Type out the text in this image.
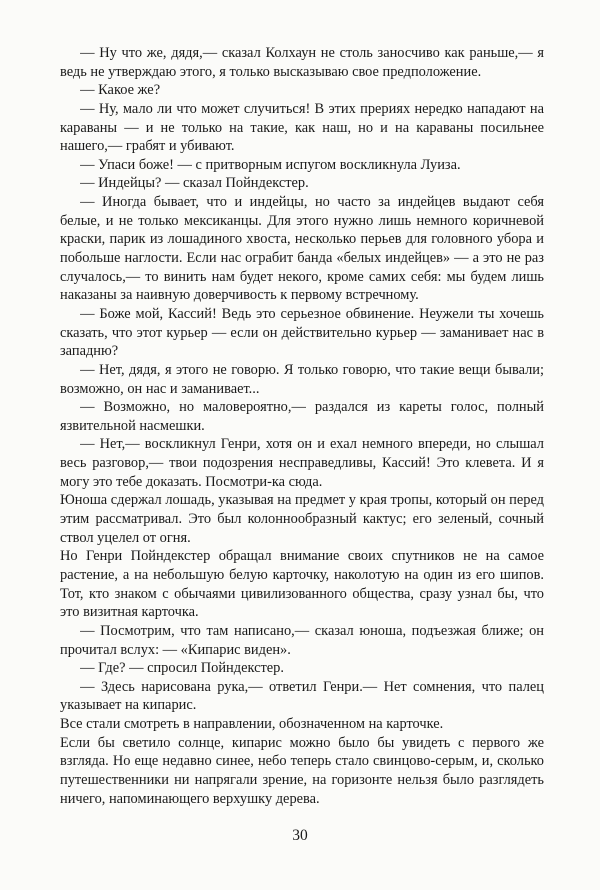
— Ну что же, дядя,— сказал Колхаун не столь заносчиво как раньше,— я ведь не утверждаю этого, я только высказываю свое предположение.

— Какое же?

— Ну, мало ли что может случиться! В этих прериях нередко нападают на караваны — и не только на такие, как наш, но и на караваны посильнее нашего,— грабят и убивают.

— Упаси боже! — с притворным испугом воскликнула Луиза.

— Индейцы? — сказал Пойндекстер.

— Иногда бывает, что и индейцы, но часто за индейцев выдают себя белые, и не только мексиканцы. Для этого нужно лишь немного коричневой краски, парик из лошадиного хвоста, несколько перьев для головного убора и побольше наглости. Если нас ограбит банда «белых индейцев» — а это не раз случалось,— то винить нам будет некого, кроме самих себя: мы будем лишь наказаны за наивную доверчивость к первому встречному.

— Боже мой, Кассий! Ведь это серьезное обвинение. Неужели ты хочешь сказать, что этот курьер — если он действительно курьер — заманивает нас в западню?

— Нет, дядя, я этого не говорю. Я только говорю, что такие вещи бывали; возможно, он нас и заманивает...

— Возможно, но маловероятно,— раздался из кареты голос, полный язвительной насмешки.

— Нет,— воскликнул Генри, хотя он и ехал немного впереди, но слышал весь разговор,— твои подозрения несправедливы, Кассий! Это клевета. И я могу это тебе доказать. Посмотри-ка сюда.

Юноша сдержал лошадь, указывая на предмет у края тропы, который он перед этим рассматривал. Это был колоннообразный кактус; его зеленый, сочный ствол уцелел от огня.

Но Генри Пойндекстер обращал внимание своих спутников не на самое растение, а на небольшую белую карточку, наколотую на один из его шипов. Тот, кто знаком с обычаями цивилизованного общества, сразу узнал бы, что это визитная карточка.

— Посмотрим, что там написано,— сказал юноша, подъезжая ближе; он прочитал вслух: — «Кипарис виден».

— Где? — спросил Пойндекстер.

— Здесь нарисована рука,— ответил Генри.— Нет сомнения, что палец указывает на кипарис.

Все стали смотреть в направлении, обозначенном на карточке.

Если бы светило солнце, кипарис можно было бы увидеть с первого же взгляда. Но еще недавно синее, небо теперь стало свинцово-серым, и, сколько путешественники ни напрягали зрение, на горизонте нельзя было разглядеть ничего, напоминающего верхушку дерева.

30
